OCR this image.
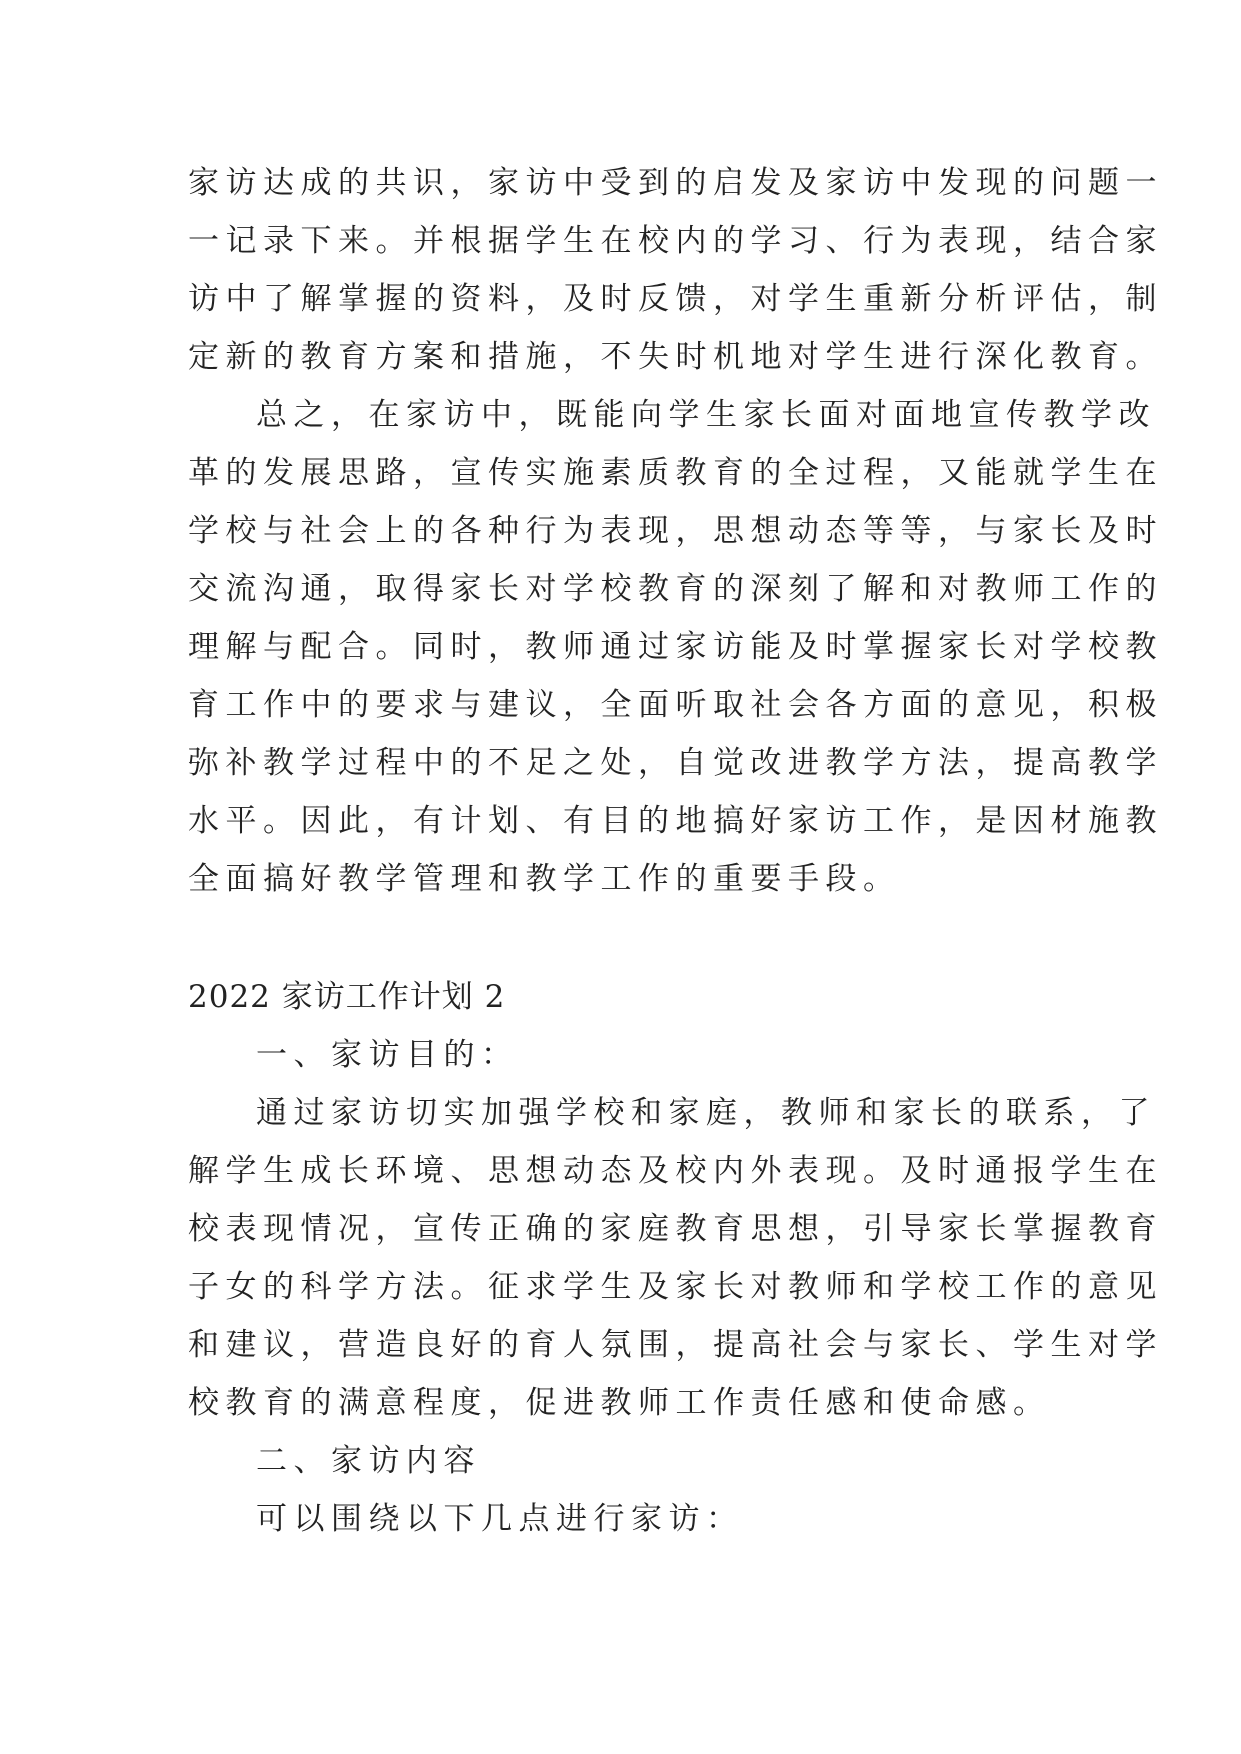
家访达成的共识，家访中受到的启发及家访中发现的问题一
一记录下来。并根据学生在校内的学习、行为表现，结合家
访中了解掌握的资料，及时反馈，对学生重新分析评估，制
定新的教育方案和措施，不失时机地对学生进行深化教育。
总之，在家访中，既能向学生家长面对面地宣传教学改
革的发展思路，宣传实施素质教育的全过程，又能就学生在
学校与社会上的各种行为表现，思想动态等等，与家长及时
交流沟通，取得家长对学校教育的深刻了解和对教师工作的
理解与配合。同时，教师通过家访能及时掌握家长对学校教
育工作中的要求与建议，全面听取社会各方面的意见，积极
弥补教学过程中的不足之处，自觉改进教学方法，提高教学
水平。因此，有计划、有目的地搞好家访工作，是因材施教
全面搞好教学管理和教学工作的重要手段。
2022 家访工作计划 2
一、家访目的：
通过家访切实加强学校和家庭，教师和家长的联系，了
解学生成长环境、思想动态及校内外表现。及时通报学生在
校表现情况，宣传正确的家庭教育思想，引导家长掌握教育
子女的科学方法。征求学生及家长对教师和学校工作的意见
和建议，营造良好的育人氛围，提高社会与家长、学生对学
校教育的满意程度，促进教师工作责任感和使命感。
二、家访内容
可以围绕以下几点进行家访：
